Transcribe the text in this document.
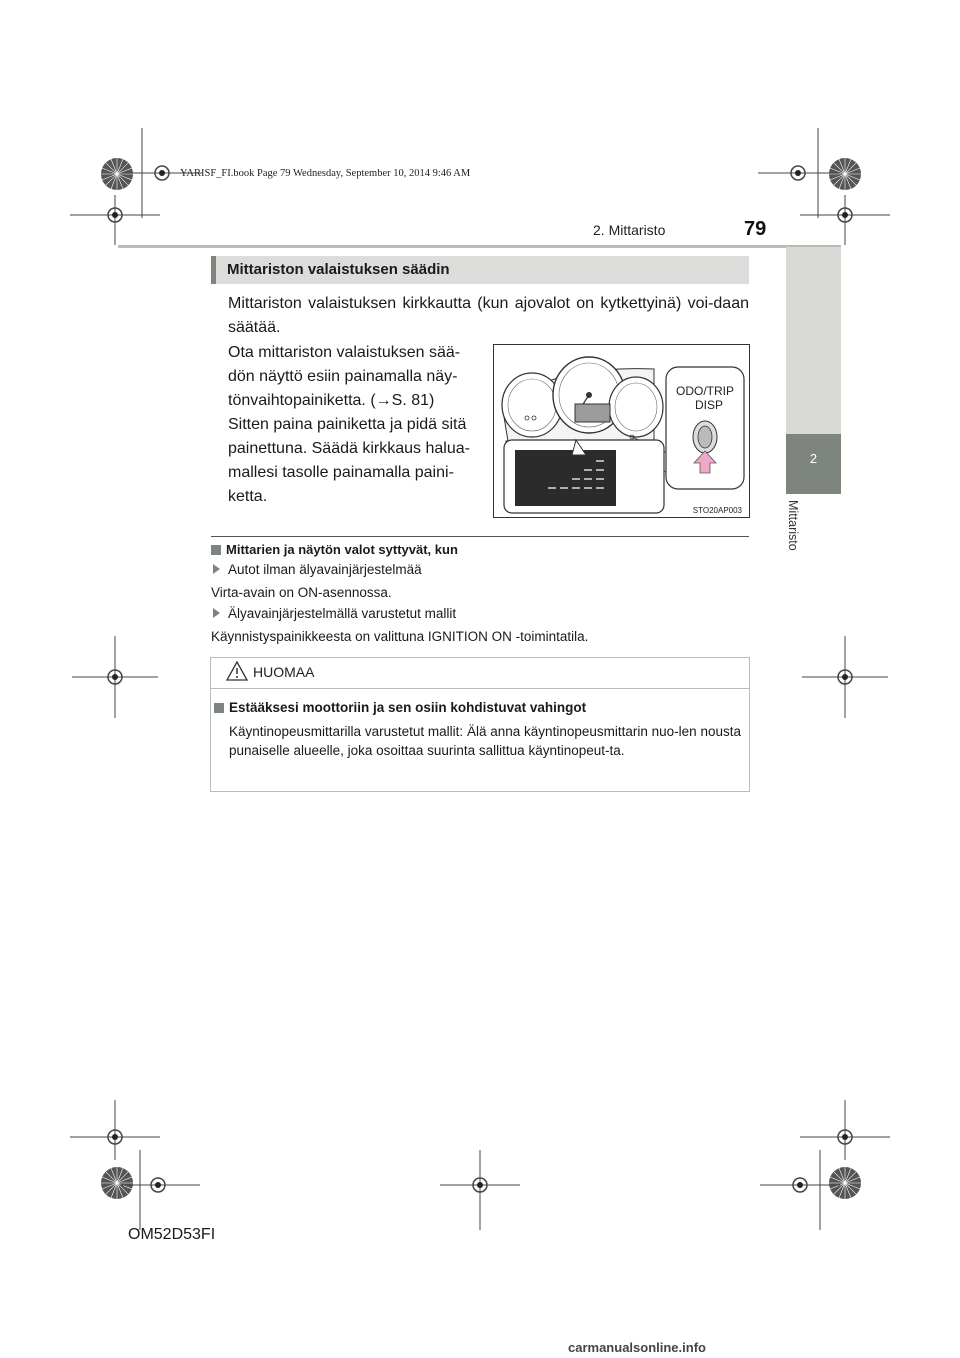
YARISF_FI.book Page 79 Wednesday, September 10, 2014 9:46 AM
2. Mittaristo	79
2
Mittaristo
Mittariston valaistuksen säädin
Mittariston valaistuksen kirkkautta (kun ajovalot on kytkettyinä) voi-daan säätää.

Ota mittariston valaistuksen sää-

dön näyttö esiin painamalla näy-

tönvaihtopainiketta. (→S. 81)

Sitten paina painiketta ja pidä sitä

painettuna. Säädä kirkkaus halua-

mallesi tasolle painamalla paini-

ketta.

ODO/TRIP
DISP
STO20AP003
Mittarien ja näytön valot syttyvät, kun
Autot ilman älyavainjärjestelmää
Virta-avain on ON-asennossa.
Älyavainjärjestelmällä varustetut mallit
Käynnistyspainikkeesta on valittuna IGNITION ON -toimintatila.
HUOMAA
Estääksesi moottoriin ja sen osiin kohdistuvat vahingot
Käyntinopeusmittarilla varustetut mallit: Älä anna käyntinopeusmittarin nuo-len nousta punaiselle alueelle, joka osoittaa suurinta sallittua käyntinopeut-ta.
OM52D53FI
carmanualsonline.info
